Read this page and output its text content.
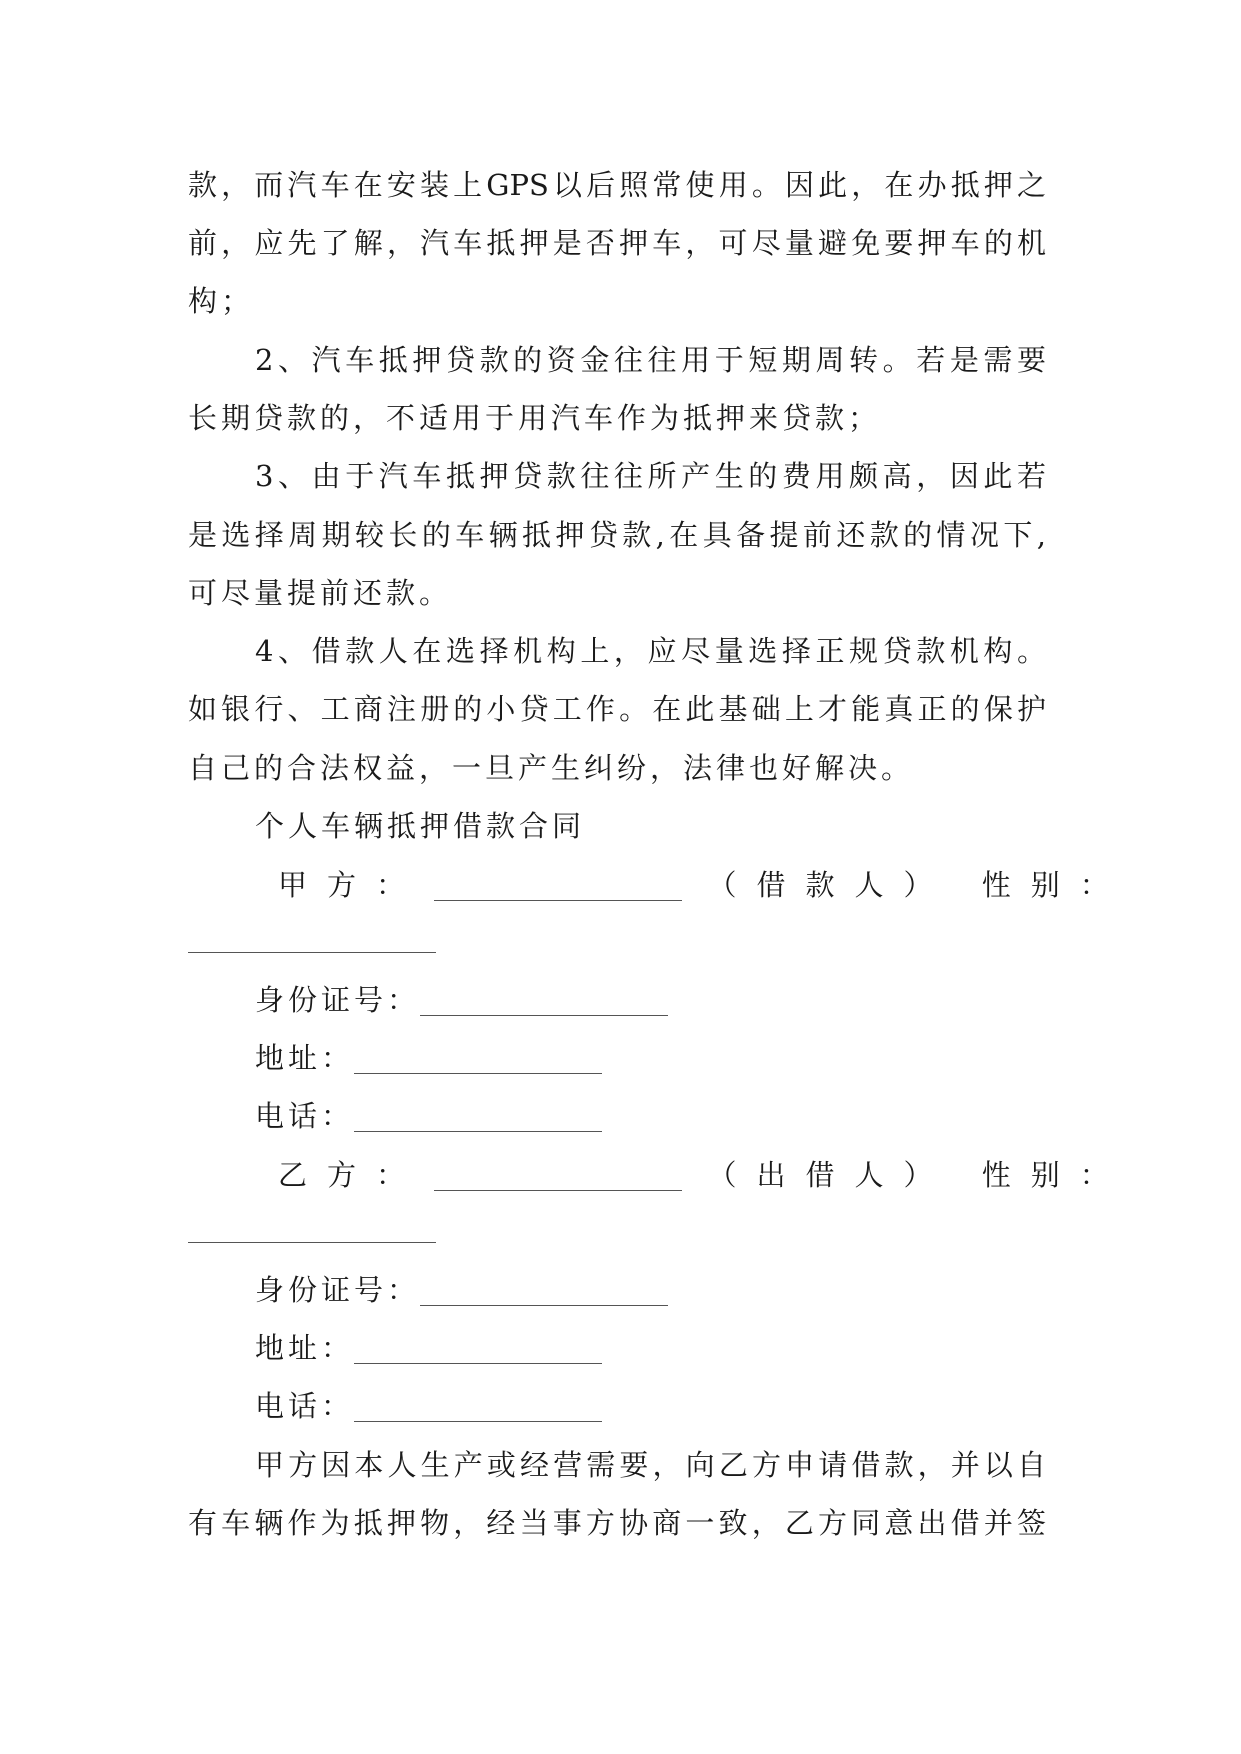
款，而汽车在安装上GPS以后照常使用。因此，在办抵押之
前，应先了解，汽车抵押是否押车，可尽量避免要押车的机
构；
2、汽车抵押贷款的资金往往用于短期周转。若是需要
长期贷款的，不适用于用汽车作为抵押来贷款；
3、由于汽车抵押贷款往往所产生的费用颇高，因此若
是选择周期较长的车辆抵押贷款,在具备提前还款的情况下,
可尽量提前还款。
4、借款人在选择机构上，应尽量选择正规贷款机构。
如银行、工商注册的小贷工作。在此基础上才能真正的保护
自己的合法权益，一旦产生纠纷，法律也好解决。
个人车辆抵押借款合同
甲方：	（借款人） 性别：
身份证号：
地址：
电话：
乙方：	（出借人） 性别：
身份证号：
地址：
电话：
甲方因本人生产或经营需要，向乙方申请借款，并以自
有车辆作为抵押物，经当事方协商一致，乙方同意出借并签
